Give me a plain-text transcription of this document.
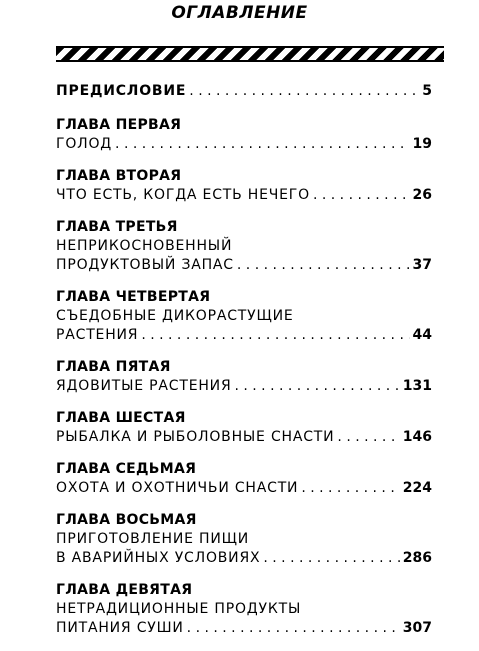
ОГЛАВЛЕНИЕ
ПРЕДИСЛОВИЕ . . .	5
ГЛАВА ПЕРВАЯ
ГОЛОД . . .	19
ГЛАВА ВТОРАЯ
ЧТО ЕСТЬ, КОГДА ЕСТЬ НЕЧЕГО . . .	26
ГЛАВА ТРЕТЬЯ
НЕПРИКОСНОВЕННЫЙ
ПРОДУКТОВЫЙ ЗАПАС . . .	37
ГЛАВА ЧЕТВЕРТАЯ
СЪЕДОБНЫЕ ДИКОРАСТУЩИЕ
РАСТЕНИЯ . . .	44
ГЛАВА ПЯТАЯ
ЯДОВИТЫЕ РАСТЕНИЯ . . .	131
ГЛАВА ШЕСТАЯ
РЫБАЛКА И РЫБОЛОВНЫЕ СНАСТИ . . .	146
ГЛАВА СЕДЬМАЯ
ОХОТА И ОХОТНИЧЬИ СНАСТИ . . .	224
ГЛАВА ВОСЬМАЯ
ПРИГОТОВЛЕНИЕ ПИЩИ
В АВАРИЙНЫХ УСЛОВИЯХ . . .	286
ГЛАВА ДЕВЯТАЯ
НЕТРАДИЦИОННЫЕ ПРОДУКТЫ
ПИТАНИЯ СУШИ . . .	307
